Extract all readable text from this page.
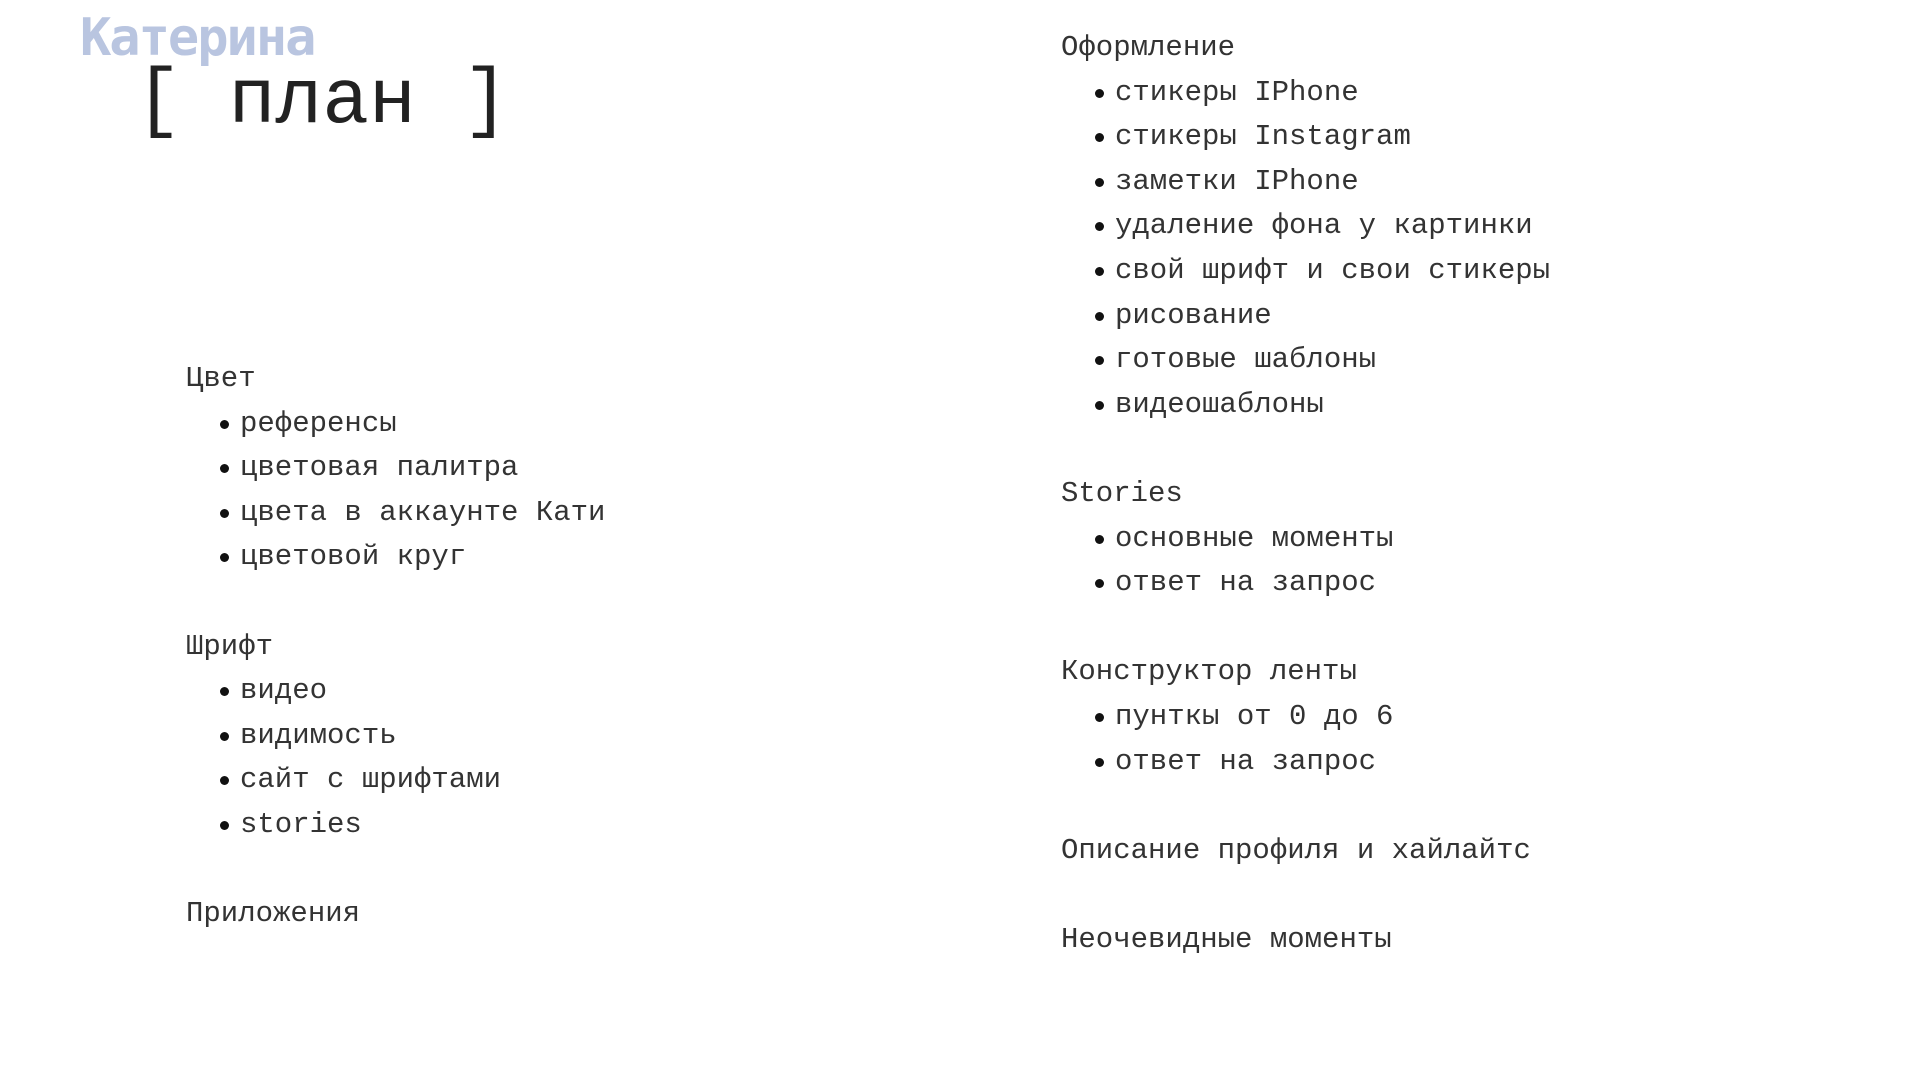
Катерина
[ план ]
Цвет
референсы
цветовая палитра
цвета в аккаунте Кати
цветовой круг
Шрифт
видео
видимость
сайт с шрифтами
stories
Приложения
Оформление
стикеры IPhone
стикеры Instagram
заметки IPhone
удаление фона у картинки
свой шрифт и свои стикеры
рисование
готовые шаблоны
видеошаблоны
Stories
основные моменты
ответ на запрос
Конструктор ленты
пунткы от 0 до 6
ответ на запрос
Описание профиля и хайлайтс
Неочевидные моменты
